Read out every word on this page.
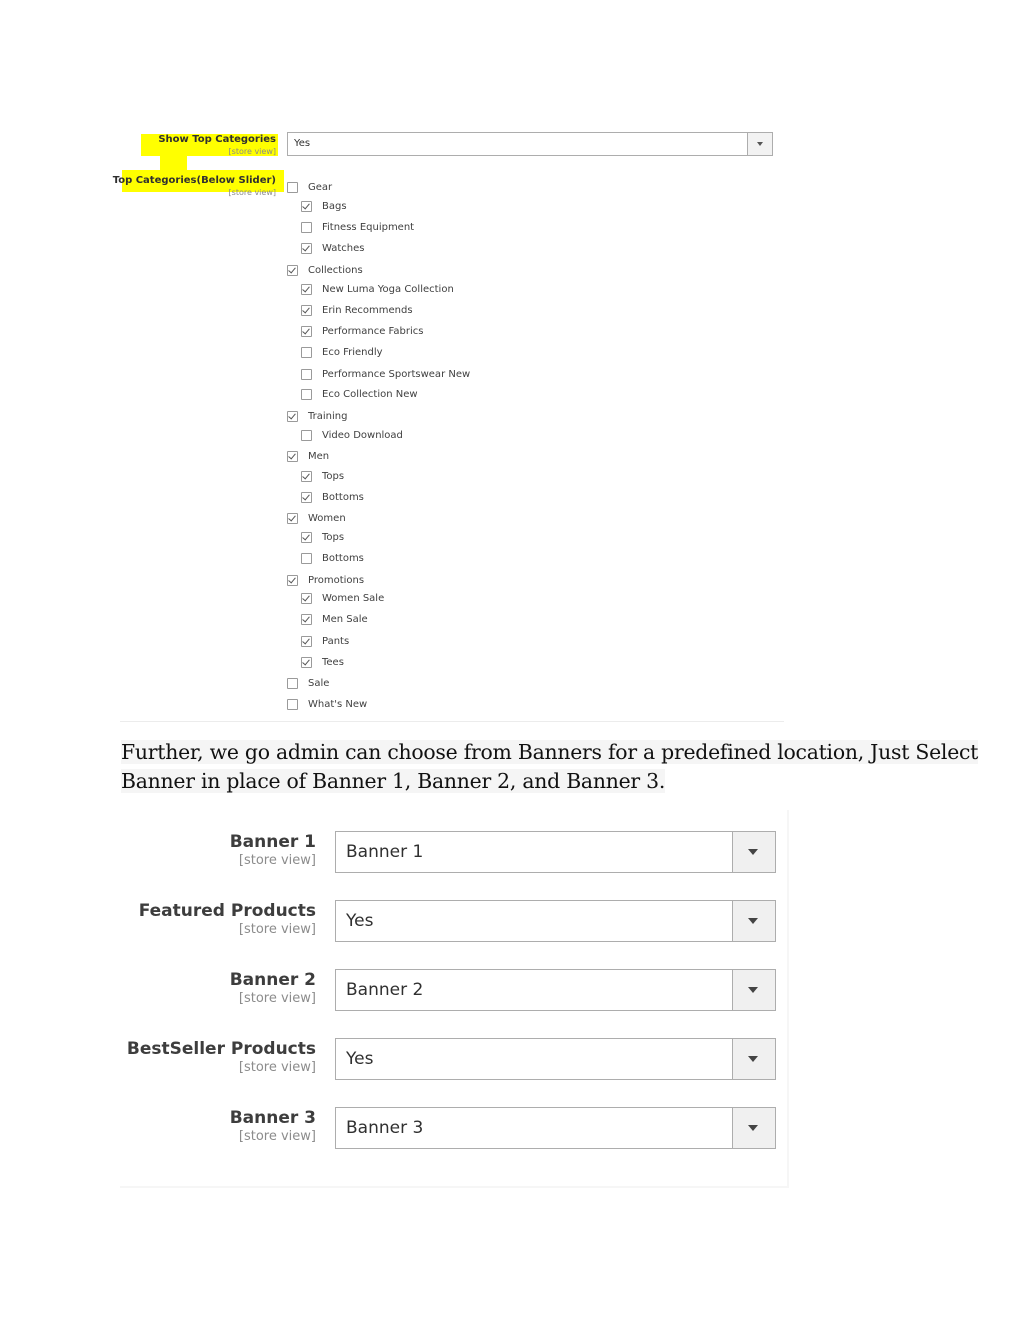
Show Top Categories
[store view]
Yes
Top Categories(Below Slider)
[store view]	Gear
Bags
Fitness Equipment
Watches
Collections
New Luma Yoga Collection
Erin Recommends
Performance Fabrics
Eco Friendly
Performance Sportswear New
Eco Collection New
Training
Video Download
Men
Tops
Bottoms
Women
Tops
Bottoms
Promotions
Women Sale
Men Sale
Pants
Tees
Sale
What's New
Further, we go admin can choose from Banners for a predefined location, Just Select
Banner in place of Banner 1, Banner 2, and Banner 3.
Banner 1
[store view] Banner 1
Featured Products
[store view] Yes
Banner 2
[store view] Banner 2
BestSeller Products
[store view] Yes
Banner 3
[store view] Banner 3
